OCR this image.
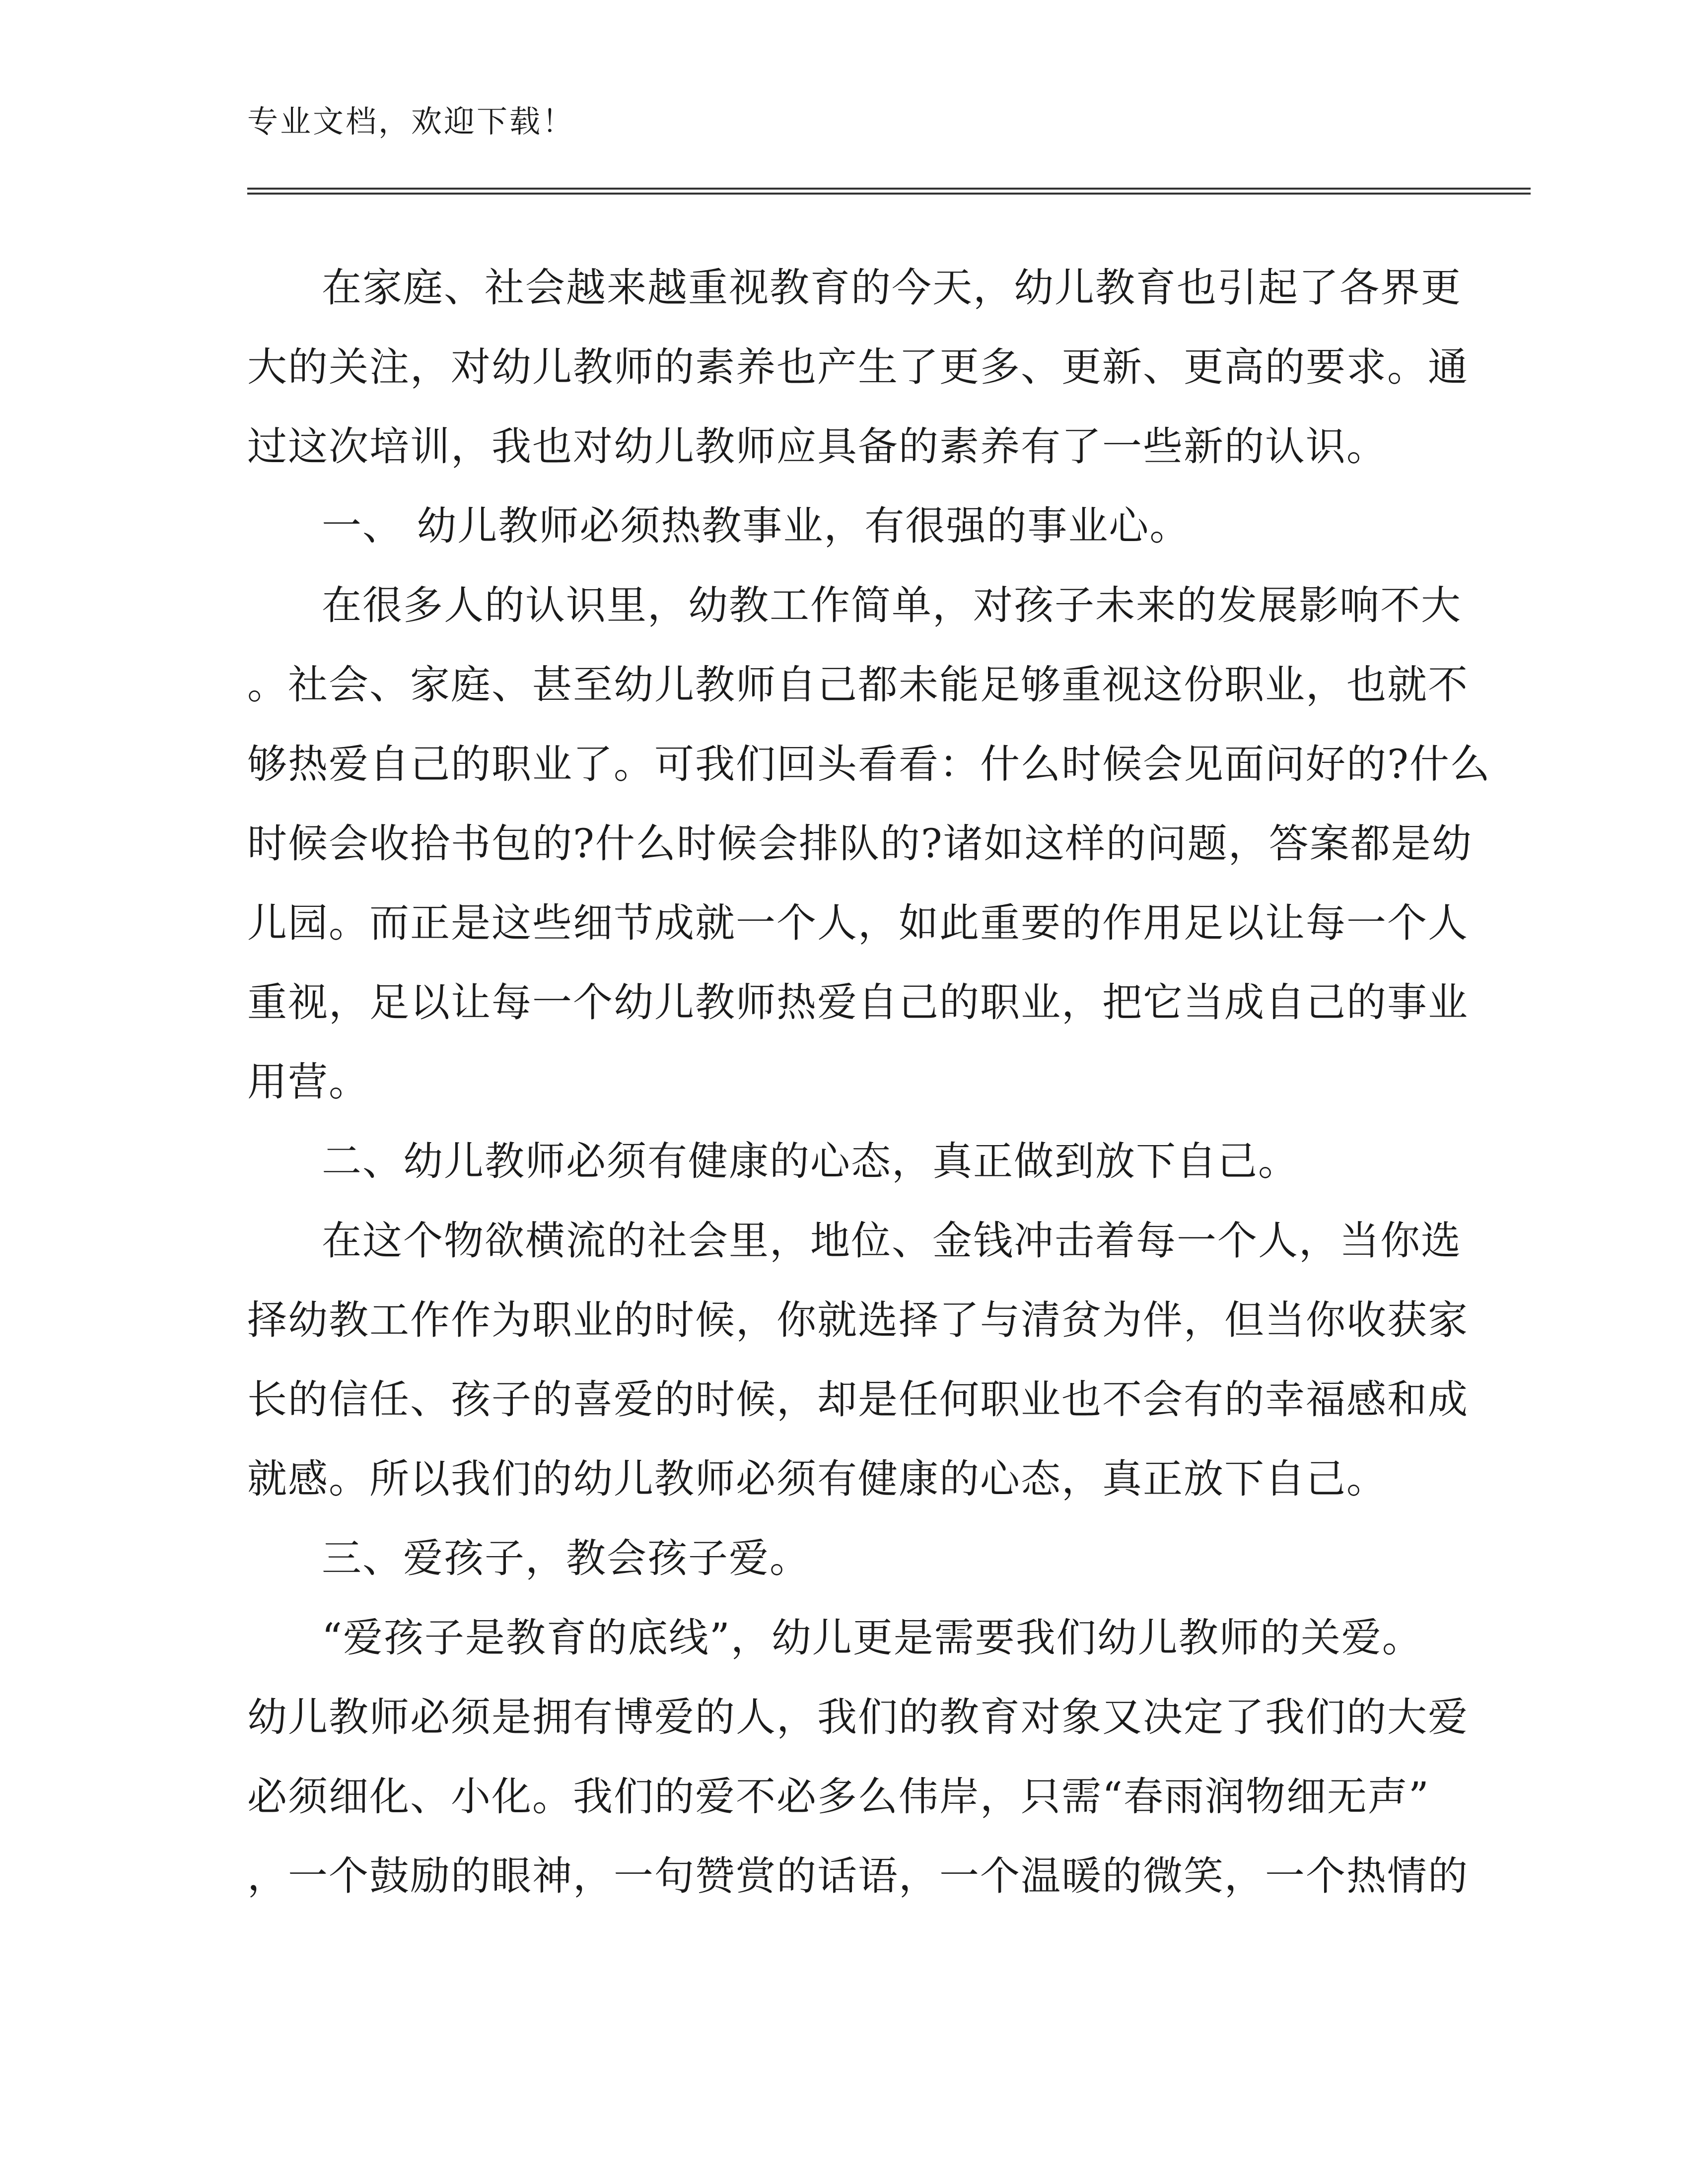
专业文档，欢迎下载！
在家庭、社会越来越重视教育的今天，幼儿教育也引起了各界更
大的关注，对幼儿教师的素养也产生了更多、更新、更高的要求。通
过这次培训，我也对幼儿教师应具备的素养有了一些新的认识。
一、 幼儿教师必须热教事业，有很强的事业心。
在很多人的认识里，幼教工作简单，对孩子未来的发展影响不大
。社会、家庭、甚至幼儿教师自己都未能足够重视这份职业，也就不
够热爱自己的职业了。可我们回头看看：什么时候会见面问好的?什么
时候会收拾书包的?什么时候会排队的?诸如这样的问题，答案都是幼
儿园。而正是这些细节成就一个人，如此重要的作用足以让每一个人
重视，足以让每一个幼儿教师热爱自己的职业，把它当成自己的事业
用营。
二、幼儿教师必须有健康的心态，真正做到放下自己。
在这个物欲横流的社会里，地位、金钱冲击着每一个人，当你选
择幼教工作作为职业的时候，你就选择了与清贫为伴，但当你收获家
长的信任、孩子的喜爱的时候，却是任何职业也不会有的幸福感和成
就感。所以我们的幼儿教师必须有健康的心态，真正放下自己。
三、爱孩子，教会孩子爱。
“爱孩子是教育的底线”，幼儿更是需要我们幼儿教师的关爱。
幼儿教师必须是拥有博爱的人，我们的教育对象又决定了我们的大爱
必须细化、小化。我们的爱不必多么伟岸，只需“春雨润物细无声”
，一个鼓励的眼神，一句赞赏的话语，一个温暖的微笑，一个热情的
